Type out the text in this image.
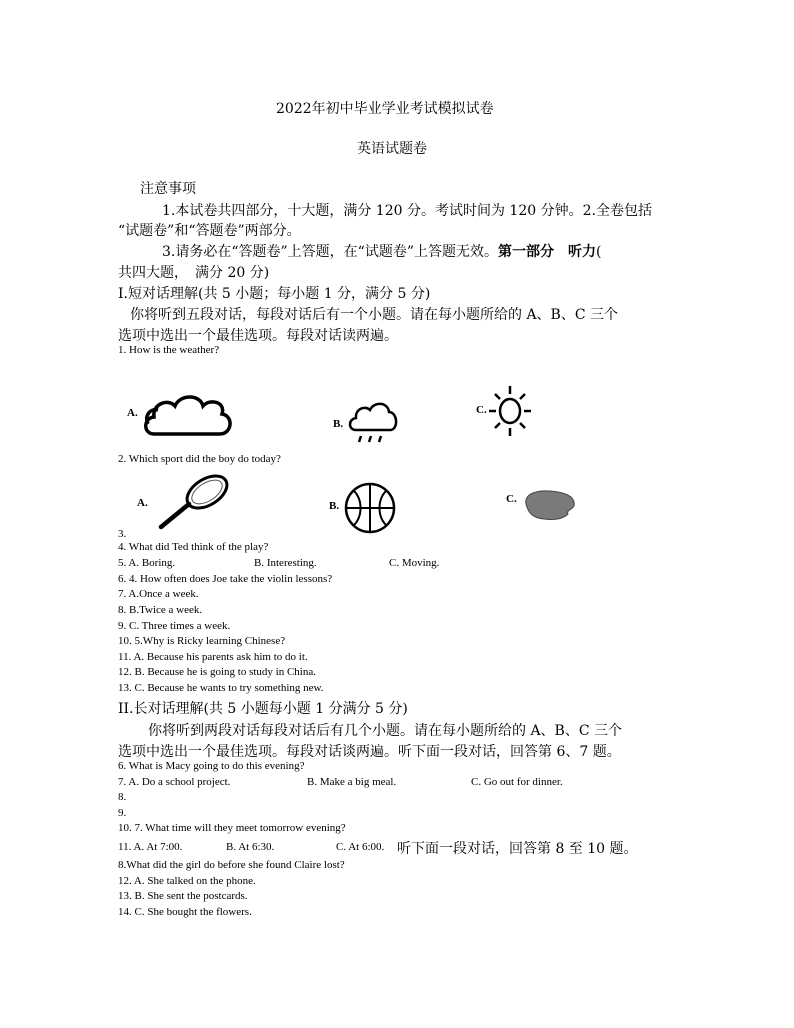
2022年初中毕业学业考试模拟试卷
英语试题卷
注意事项
1.本试卷共四部分，十大题，满分 120 分。考试时间为 120 分钟。2.全卷包括
“试题卷”和“答题卷”两部分。
3.请务必在“答题卷”上答题，在“试题卷”上答题无效。第一部分　听力(
共四大题，　满分 20 分)
I.短对话理解(共 5 小题；每小题 1 分，满分 5 分)
你将听到五段对话，每段对话后有一个小题。请在每小题所给的 A、B、C 三个
选项中选出一个最佳选项。每段对话读两遍。
1. How is the weather?
A.
B.
C.
2. Which sport did the boy do today?
A.	B.
C.
3.
4. What did Ted think of the play?
5. A. Boring.	B. Interesting.	C. Moving.
6. 4. How often does Joe take the violin lessons?
7. A.Once a week.
8. B.Twice a week.
9. C. Three times a week.
10. 5.Why is Ricky learning Chinese?
11. A. Because his parents ask him to do it.
12. B. Because he is going to study in China.
13. C. Because he wants to try something new.
II.长对话理解(共 5 小题每小题 1 分满分 5 分)
你将听到两段对话每段对话后有几个小题。请在每小题所给的 A、B、C 三个
选项中选出一个最佳选项。每段对话谈两遍。听下面一段对话，回答第 6、7 题。
6. What is Macy going to do this evening?
7. A. Do a school project.	B. Make a big meal.	C. Go out for dinner.
8.
9.
10. 7. What time will they meet tomorrow evening?
11. A. At 7:00.	B. At 6:30.	C. At 6:00. 听下面一段对话，回答第 8 至 10 题。
8.What did the girl do before she found Claire lost?
12. A. She talked on the phone.
13. B. She sent the postcards.
14. C. She bought the flowers.
